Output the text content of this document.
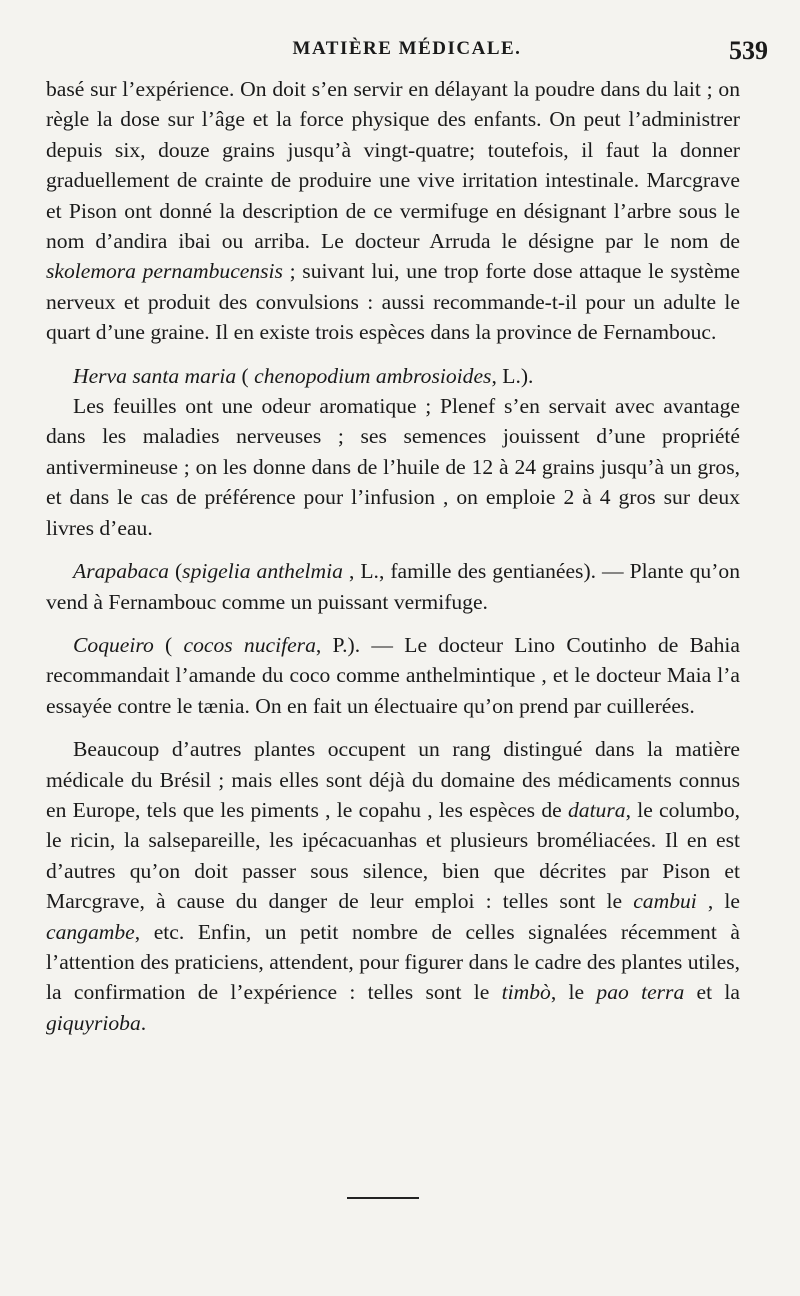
MATIÈRE MÉDICALE.	539

basé sur l’expérience. On doit s’en servir en délayant la poudre dans du lait ; on règle la dose sur l’âge et la force physique des enfants. On peut l’administrer depuis six, douze grains jusqu’à vingt-quatre; toutefois, il faut la donner graduellement de crainte de produire une vive irritation intestinale. Marcgrave et Pison ont donné la description de ce vermifuge en désignant l’arbre sous le nom d’andira ibai ou arriba. Le docteur Arruda le désigne par le nom de skolemora pernambucensis ; suivant lui, une trop forte dose attaque le système nerveux et produit des convulsions : aussi recommande-t-il pour un adulte le quart d’une graine. Il en existe trois espèces dans la province de Fernambouc.

Herva santa maria ( chenopodium ambrosioides, L.).

Les feuilles ont une odeur aromatique ; Plenef s’en servait avec avantage dans les maladies nerveuses ; ses semences jouissent d’une propriété antivermineuse ; on les donne dans de l’huile de 12 à 24 grains jusqu’à un gros, et dans le cas de préférence pour l’infusion , on emploie 2 à 4 gros sur deux livres d’eau.

Arapabaca (spigelia anthelmia , L., famille des gentianées). — Plante qu’on vend à Fernambouc comme un puissant vermifuge.

Coqueiro ( cocos nucifera, P.). — Le docteur Lino Coutinho de Bahia recommandait l’amande du coco comme anthelmintique , et le docteur Maia l’a essayée contre le tænia. On en fait un électuaire qu’on prend par cuillerées.

Beaucoup d’autres plantes occupent un rang distingué dans la matière médicale du Brésil ; mais elles sont déjà du domaine des médicaments connus en Europe, tels que les piments , le copahu , les espèces de datura, le columbo, le ricin, la salsepareille, les ipécacuanhas et plusieurs broméliacées. Il en est d’autres qu’on doit passer sous silence, bien que décrites par Pison et Marcgrave, à cause du danger de leur emploi : telles sont le cambui , le cangambe, etc. Enfin, un petit nombre de celles signalées récemment à l’attention des praticiens, attendent, pour figurer dans le cadre des plantes utiles, la confirmation de l’expérience : telles sont le timbò, le pao terra et la giquyrioba.
